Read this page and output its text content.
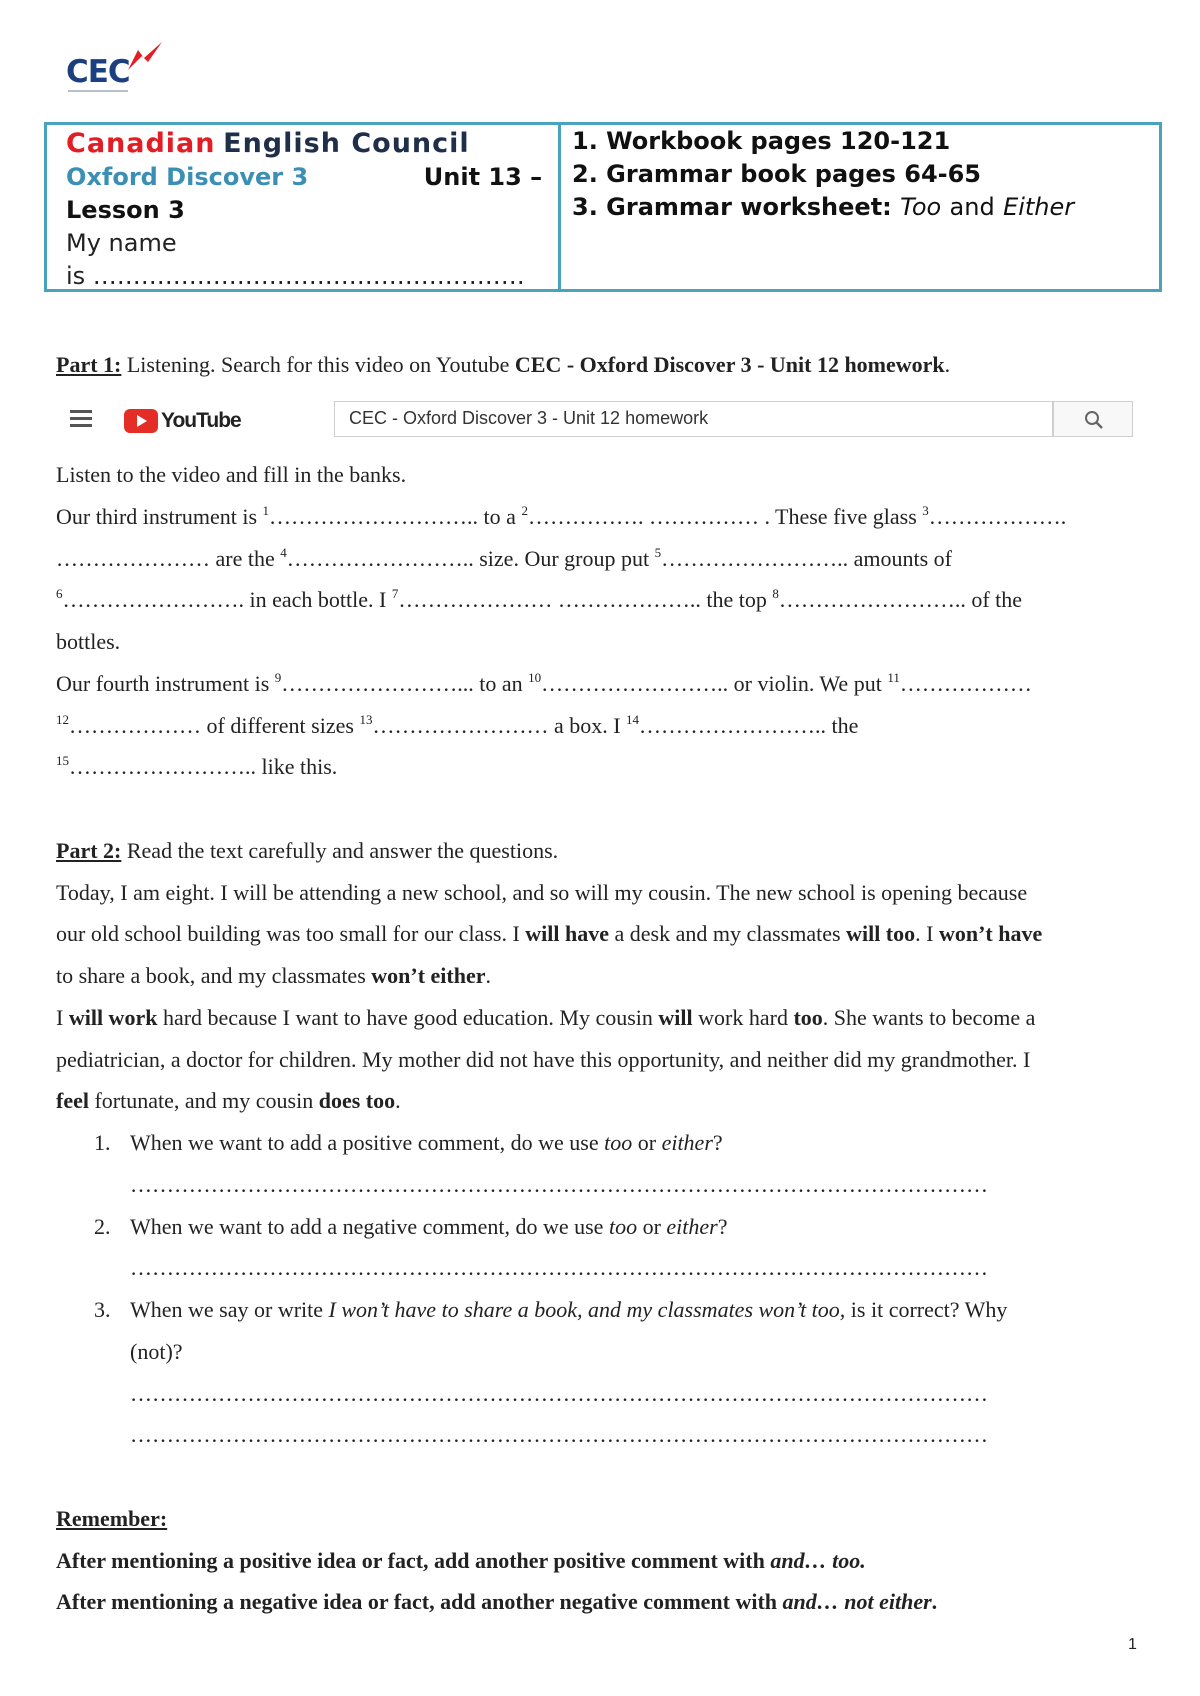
CEC
Canadian English Council
Oxford Discover 3	Unit 13 –
Lesson 3
My name
is ………………………………………………
1. Workbook pages 120-121
2. Grammar book pages 64-65
3. Grammar worksheet: Too and Either
Part 1: Listening. Search for this video on Youtube CEC - Oxford Discover 3 - Unit 12 homework.
YouTube	CEC - Oxford Discover 3 - Unit 12 homework
Listen to the video and fill in the banks.
Our third instrument is $^1$……………………….. to a $^2$……………. …………… . These five glass $^3$……………….
………………… are the $^4$…………………….. size. Our group put $^5$…………………….. amounts of
$^6$……………………. in each bottle. I $^7$………………… ……………….. the top $^8$…………………….. of the
bottles.
Our fourth instrument is $^9$……………………... to an $^{10}$…………………….. or violin. We put $^{11}$………………
$^{12}$……………… of different sizes $^{13}$…………………… a box. I $^{14}$…………………….. the
$^{15}$…………………….. like this.
Part 2: Read the text carefully and answer the questions.
Today, I am eight. I will be attending a new school, and so will my cousin. The new school is opening because
our old school building was too small for our class. I will have a desk and my classmates will too. I won’t have
to share a book, and my classmates won’t either.
I will work hard because I want to have good education. My cousin will work hard too. She wants to become a
pediatrician, a doctor for children. My mother did not have this opportunity, and neither did my grandmother. I
feel fortunate, and my cousin does too.
1. When we want to add a positive comment, do we use too or either?
………………………………………………………………………………………………………
2. When we want to add a negative comment, do we use too or either?
………………………………………………………………………………………………………
3. When we say or write I won’t have to share a book, and my classmates won’t too, is it correct? Why
(not)?
………………………………………………………………………………………………………
………………………………………………………………………………………………………
Remember:
After mentioning a positive idea or fact, add another positive comment with and… too.
After mentioning a negative idea or fact, add another negative comment with and… not either.
1
